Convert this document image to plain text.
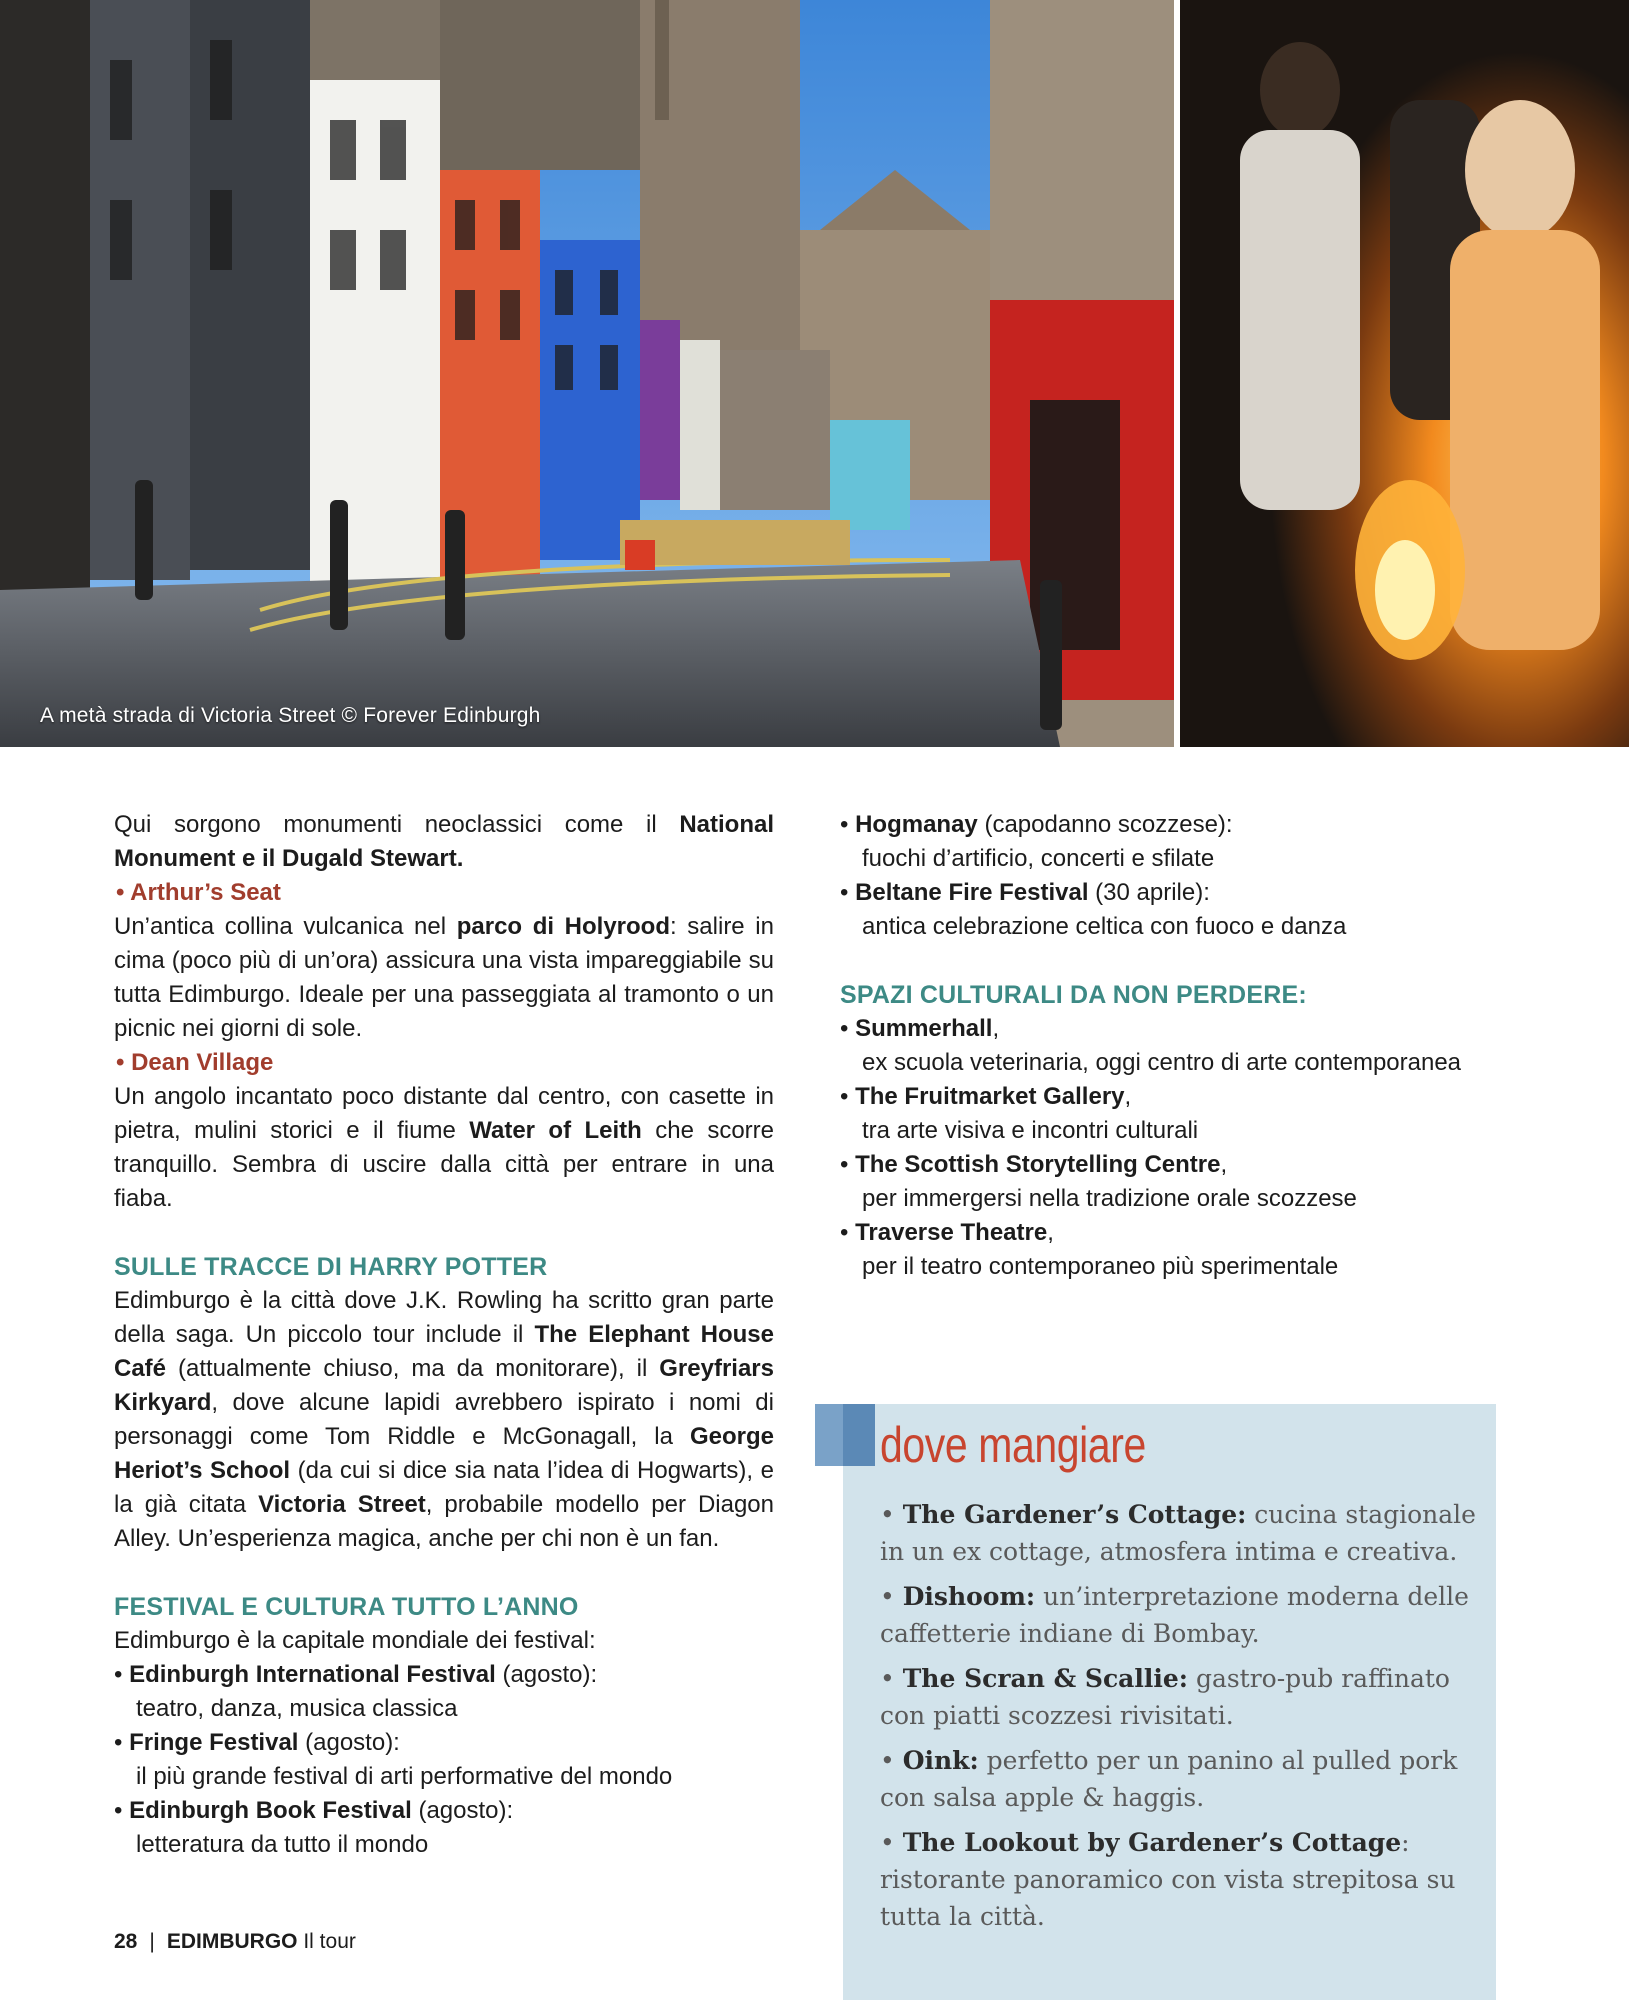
A metà strada di Victoria Street © Forever Edinburgh

Qui sorgono monumenti neoclassici come il National Monument e il Dugald Stewart.

• Arthur’s Seat

Un’antica collina vulcanica nel parco di Holyrood: salire in cima (poco più di un’ora) assicura una vista impareggiabile su tutta Edimburgo. Ideale per una passeggiata al tramonto o un picnic nei giorni di sole.

• Dean Village

Un angolo incantato poco distante dal centro, con casette in pietra, mulini storici e il fiume Water of Leith che scorre tranquillo. Sembra di uscire dalla città per entrare in una fiaba.

SULLE TRACCE DI HARRY POTTER

Edimburgo è la città dove J.K. Rowling ha scritto gran parte della saga. Un piccolo tour include il The Elephant House Café (attualmente chiuso, ma da monitorare), il Greyfriars Kirkyard, dove alcune lapidi avrebbero ispirato i nomi di personaggi come Tom Riddle e McGonagall, la George Heriot’s School (da cui si dice sia nata l’idea di Hogwarts), e la già citata Victoria Street, probabile modello per Diagon Alley. Un’esperienza magica, anche per chi non è un fan.

FESTIVAL E CULTURA TUTTO L’ANNO

Edimburgo è la capitale mondiale dei festival:

• Edinburgh International Festival (agosto):
teatro, danza, musica classica
• Fringe Festival (agosto):
il più grande festival di arti performative del mondo
• Edinburgh Book Festival (agosto):
letteratura da tutto il mondo
• Hogmanay (capodanno scozzese):
fuochi d’artificio, concerti e sfilate
• Beltane Fire Festival (30 aprile):
antica celebrazione celtica con fuoco e danza

SPAZI CULTURALI DA NON PERDERE:

• Summerhall,
ex scuola veterinaria, oggi centro di arte contemporanea
• The Fruitmarket Gallery,
tra arte visiva e incontri culturali
• The Scottish Storytelling Centre,
per immergersi nella tradizione orale scozzese
• Traverse Theatre,
per il teatro contemporaneo più sperimentale
dove mangiare
• The Gardener’s Cottage: cucina stagionale in un ex cottage, atmosfera intima e creativa.
• Dishoom: un’interpretazione moderna delle caffetterie indiane di Bombay.
• The Scran & Scallie: gastro-pub raffinato con piatti scozzesi rivisitati.
• Oink: perfetto per un panino al pulled pork con salsa apple & haggis.
• The Lookout by Gardener’s Cottage: ristorante panoramico con vista strepitosa su tutta la città.
28 | EDIMBURGO Il tour
